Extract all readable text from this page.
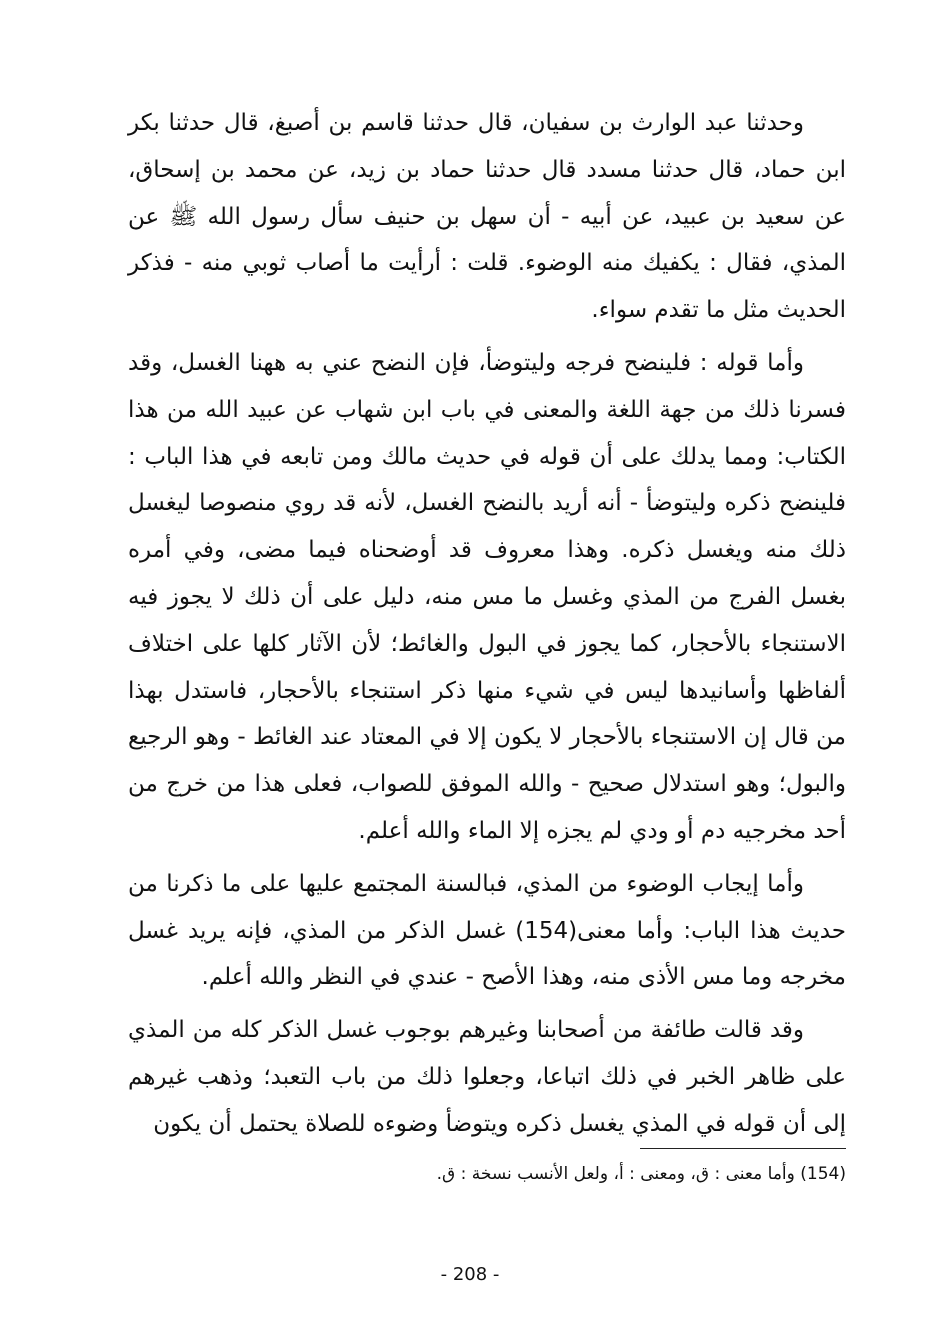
وحدثنا عبد الوارث بن سفيان، قال حدثنا قاسم بن أصبغ، قال حدثنا بكر ابن حماد، قال حدثنا مسدد قال حدثنا حماد بن زيد، عن محمد بن إسحاق، عن سعيد بن عبيد، عن أبيه - أن سهل بن حنيف سأل رسول الله ﷺ عن المذي، فقال : يكفيك منه الوضوء. قلت : أرأيت ما أصاب ثوبي منه - فذكر الحديث مثل ما تقدم سواء.

وأما قوله : فلينضح فرجه وليتوضأ، فإن النضح عني به ههنا الغسل، وقد فسرنا ذلك من جهة اللغة والمعنى في باب ابن شهاب عن عبيد الله من هذا الكتاب: ومما يدلك على أن قوله في حديث مالك ومن تابعه في هذا الباب : فلينضح ذكره وليتوضأ - أنه أريد بالنضح الغسل، لأنه قد روي منصوصا ليغسل ذلك منه ويغسل ذكره. وهذا معروف قد أوضحناه فيما مضى، وفي أمره بغسل الفرج من المذي وغسل ما مس منه، دليل على أن ذلك لا يجوز فيه الاستنجاء بالأحجار، كما يجوز في البول والغائط؛ لأن الآثار كلها على اختلاف ألفاظها وأسانيدها ليس في شيء منها ذكر استنجاء بالأحجار، فاستدل بهذا من قال إن الاستنجاء بالأحجار لا يكون إلا في المعتاد عند الغائط - وهو الرجيع والبول؛ وهو استدلال صحيح - والله الموفق للصواب، فعلى هذا من خرج من أحد مخرجيه دم أو ودي لم يجزه إلا الماء والله أعلم.

وأما إيجاب الوضوء من المذي، فبالسنة المجتمع عليها على ما ذكرنا من حديث هذا الباب: وأما معنى(154) غسل الذكر من المذي، فإنه يريد غسل مخرجه وما مس الأذى منه، وهذا الأصح - عندي في النظر والله أعلم.

وقد قالت طائفة من أصحابنا وغيرهم بوجوب غسل الذكر كله من المذي على ظاهر الخبر في ذلك اتباعا، وجعلوا ذلك من باب التعبد؛ وذهب غيرهم إلى أن قوله في المذي يغسل ذكره ويتوضأ وضوءه للصلاة يحتمل أن يكون

(154) وأما معنى : ق، ومعنى : أ، ولعل الأنسب نسخة : ق.
- 208 -
